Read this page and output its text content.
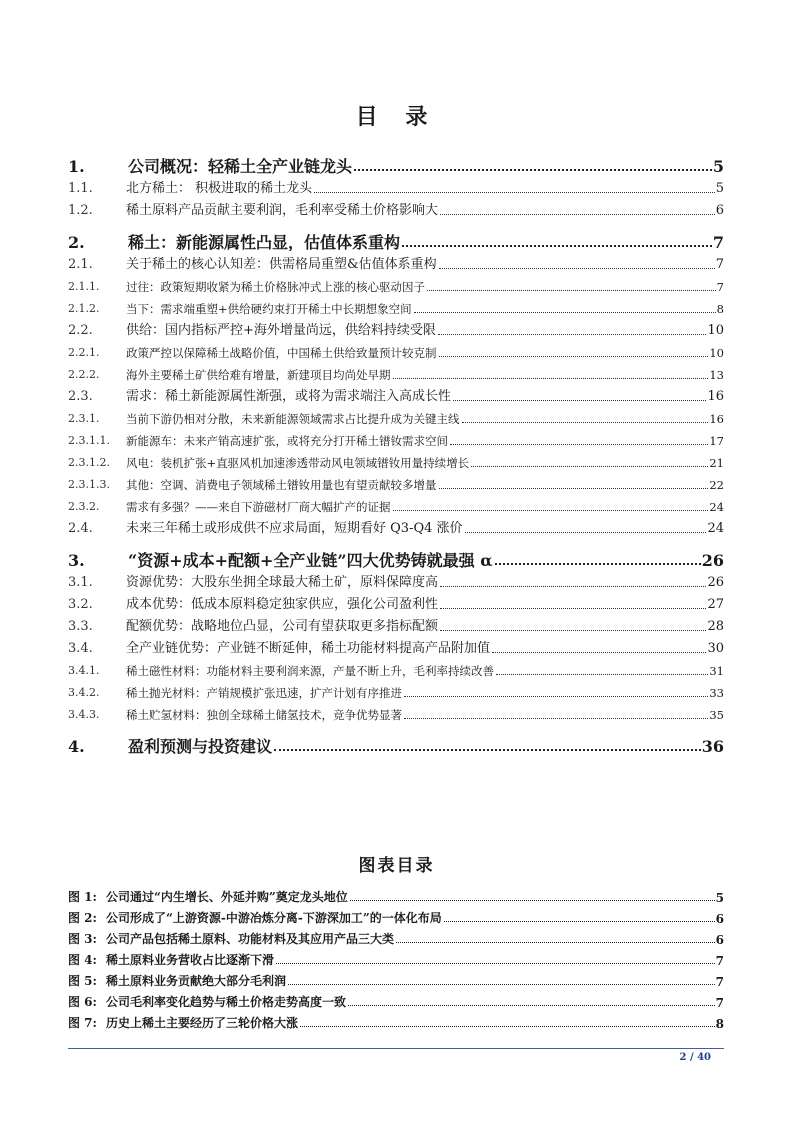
目 录
1.	公司概况：轻稀土全产业链龙头	5
1.1.	北方稀土： 积极进取的稀土龙头	5
1.2.	稀土原料产品贡献主要利润，毛利率受稀土价格影响大	6
2.	稀土：新能源属性凸显，估值体系重构	7
2.1.	关于稀土的核心认知差：供需格局重塑&估值体系重构	7
2.1.1.	过往：政策短期收紧为稀土价格脉冲式上涨的核心驱动因子	7
2.1.2.	当下：需求端重塑+供给硬约束打开稀土中长期想象空间	8
2.2.	供给：国内指标严控+海外增量尚远，供给料持续受限	10
2.2.1.	政策严控以保障稀土战略价值，中国稀土供给致量预计较克制	10
2.2.2.	海外主要稀土矿供给难有增量，新建项目均尚处早期	13
2.3.	需求：稀土新能源属性渐强，或将为需求端注入高成长性	16
2.3.1.	当前下游仍相对分散，未来新能源领域需求占比提升成为关键主线	16
2.3.1.1.	新能源车：未来产销高速扩张，或将充分打开稀土镨钕需求空间	17
2.3.1.2.	风电：装机扩张+直驱风机加速渗透带动风电领域镨钕用量持续增长	21
2.3.1.3.	其他：空调、消费电子领域稀土镨钕用量也有望贡献较多增量	22
2.3.2.	需求有多强？——来自下游磁材厂商大幅扩产的证据	24
2.4.	未来三年稀土或形成供不应求局面，短期看好 Q3-Q4 涨价	24
3.	“资源+成本+配额+全产业链”四大优势铸就最强 α	26
3.1.	资源优势：大股东坐拥全球最大稀土矿，原料保障度高	26
3.2.	成本优势：低成本原料稳定独家供应，强化公司盈利性	27
3.3.	配额优势：战略地位凸显，公司有望获取更多指标配额	28
3.4.	全产业链优势：产业链不断延伸，稀土功能材料提高产品附加值	30
3.4.1.	稀土磁性材料：功能材料主要利润来源，产量不断上升，毛利率持续改善	31
3.4.2.	稀土抛光材料：产销规模扩张迅速，扩产计划有序推进	33
3.4.3.	稀土贮氢材料：独创全球稀土储氢技术，竞争优势显著	35
4.	盈利预测与投资建议	36
图表目录
图 1: 公司通过“内生增长、外延并购”奠定龙头地位	5
图 2: 公司形成了“上游资源-中游冶炼分离-下游深加工”的一体化布局	6
图 3: 公司产品包括稀土原料、功能材料及其应用产品三大类	6
图 4: 稀土原料业务营收占比逐渐下滑	7
图 5: 稀土原料业务贡献绝大部分毛利润	7
图 6: 公司毛利率变化趋势与稀土价格走势高度一致	7
图 7: 历史上稀土主要经历了三轮价格大涨	8
2 / 40
